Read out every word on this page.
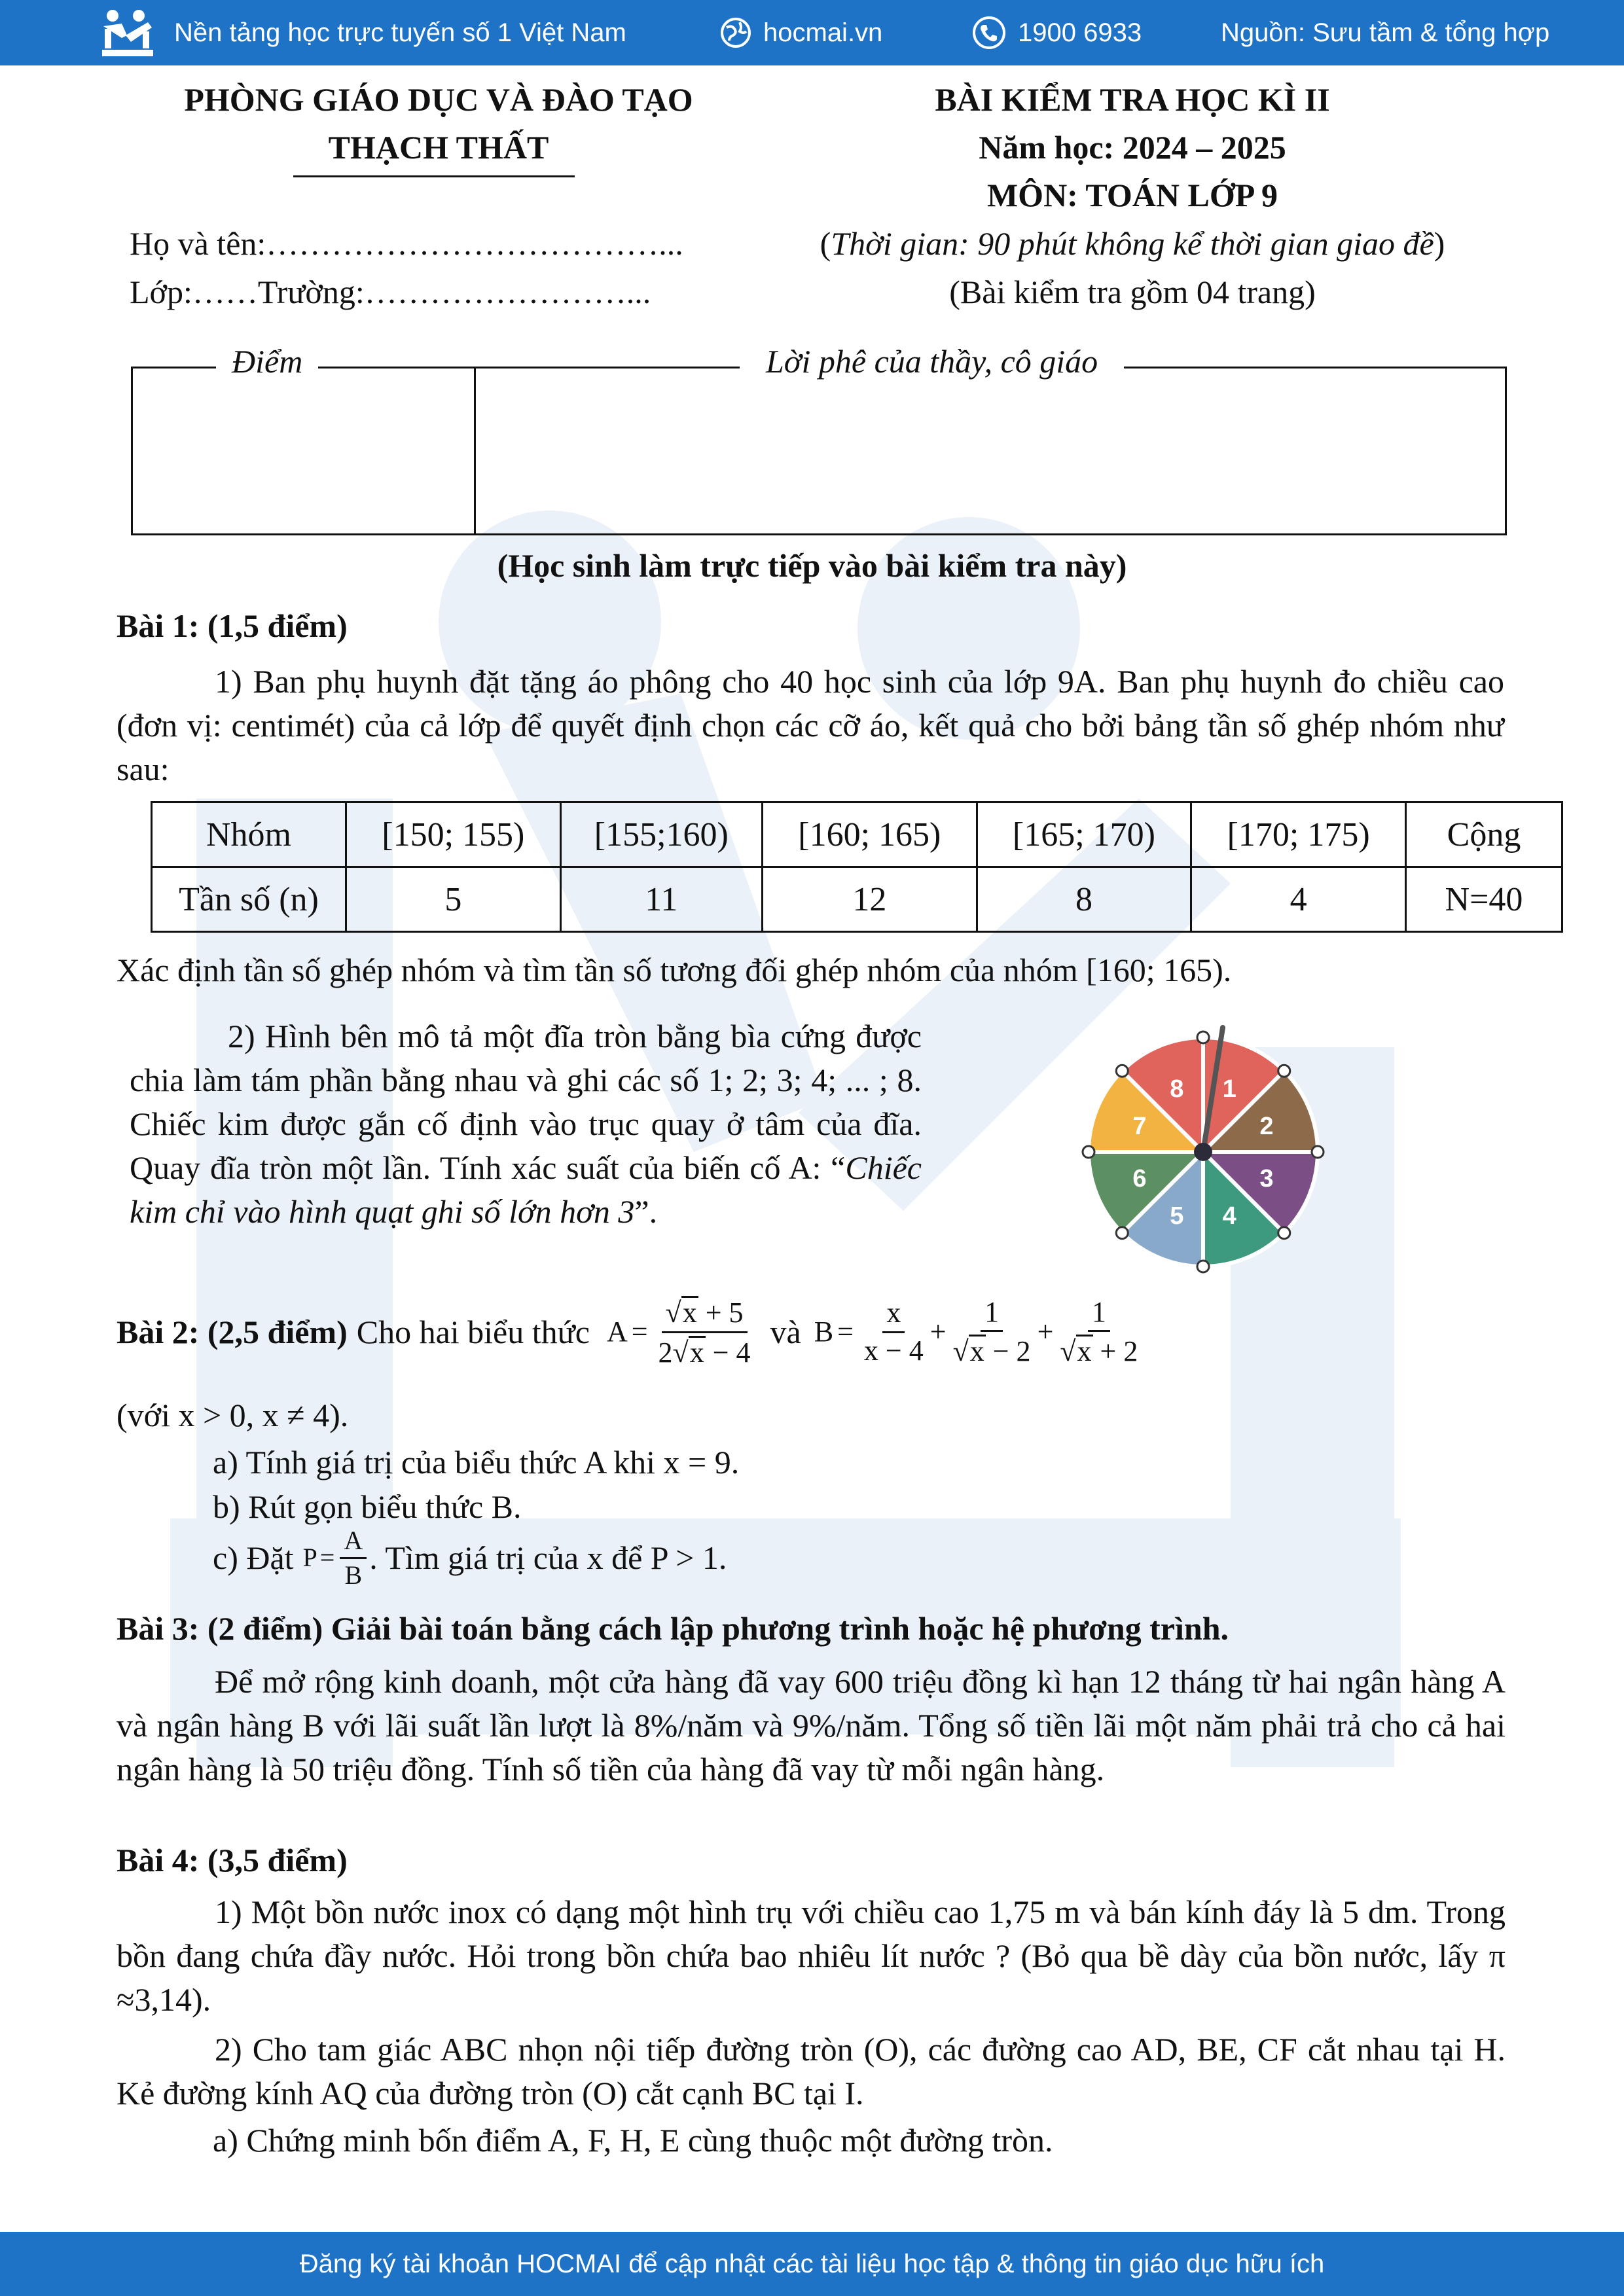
Nền tảng học trực tuyến số 1 Việt Nam	hocmai.vn	1900 6933	Nguồn: Sưu tầm & tổng hợp
PHÒNG GIÁO DỤC VÀ ĐÀO TẠO
THẠCH THẤT
BÀI KIỂM TRA HỌC KÌ II
Năm học: 2024 – 2025
MÔN: TOÁN LỚP 9
(Thời gian: 90 phút không kể thời gian giao đề)
(Bài kiểm tra gồm 04 trang)
Họ và tên:………………………………...
Lớp:……Trường:……………………...
Điểm	Lời phê của thầy, cô giáo
(Học sinh làm trực tiếp vào bài kiểm tra này)
Bài 1: (1,5 điểm)
1) Ban phụ huynh đặt tặng áo phông cho 40 học sinh của lớp 9A. Ban phụ huynh đo chiều cao (đơn vị: centimét) của cả lớp để quyết định chọn các cỡ áo, kết quả cho bởi bảng tần số ghép nhóm như sau:
Nhóm	[150; 155)	[155;160)	[160; 165)	[165; 170)	[170; 175)	Cộng
Tần số (n)	5	11	12	8	4	N=40
Xác định tần số ghép nhóm và tìm tần số tương đối ghép nhóm của nhóm [160; 165).
2) Hình bên mô tả một đĩa tròn bằng bìa cứng được chia làm tám phần bằng nhau và ghi các số 1; 2; 3; 4; ... ; 8. Chiếc kim được gắn cố định vào trục quay ở tâm của đĩa. Quay đĩa tròn một lần. Tính xác suất của biến cố A: “Chiếc kim chỉ vào hình quạt ghi số lớn hơn 3”.
1
2
3
4
5
6
7
8
Bài 2: (2,5 điểm) Cho hai biểu thức $A = \frac{√x + 5}{2√x - 4}$ và $B = \frac{x}{x - 4} + \frac{1}{√x - 2} + \frac{1}{√x + 2}$
(với x > 0, x ≠ 4).
a) Tính giá trị của biểu thức A khi x = 9.
b) Rút gọn biểu thức B.
c) Đặt $P = \frac{A}{B}$ . Tìm giá trị của x để P > 1.
Bài 3: (2 điểm) Giải bài toán bằng cách lập phương trình hoặc hệ phương trình.
Để mở rộng kinh doanh, một cửa hàng đã vay 600 triệu đồng kì hạn 12 tháng từ hai ngân hàng A và ngân hàng B với lãi suất lần lượt là 8%/năm và 9%/năm. Tổng số tiền lãi một năm phải trả cho cả hai ngân hàng là 50 triệu đồng. Tính số tiền của hàng đã vay từ mỗi ngân hàng.
Bài 4: (3,5 điểm)
1) Một bồn nước inox có dạng một hình trụ với chiều cao 1,75 m và bán kính đáy là 5 dm. Trong bồn đang chứa đầy nước. Hỏi trong bồn chứa bao nhiêu lít nước ? (Bỏ qua bề dày của bồn nước, lấy π ≈3,14).
2) Cho tam giác ABC nhọn nội tiếp đường tròn (O), các đường cao AD, BE, CF cắt nhau tại H. Kẻ đường kính AQ của đường tròn (O) cắt cạnh BC tại I.
a) Chứng minh bốn điểm A, F, H, E cùng thuộc một đường tròn.
Đăng ký tài khoản HOCMAI để cập nhật các tài liệu học tập & thông tin giáo dục hữu ích
